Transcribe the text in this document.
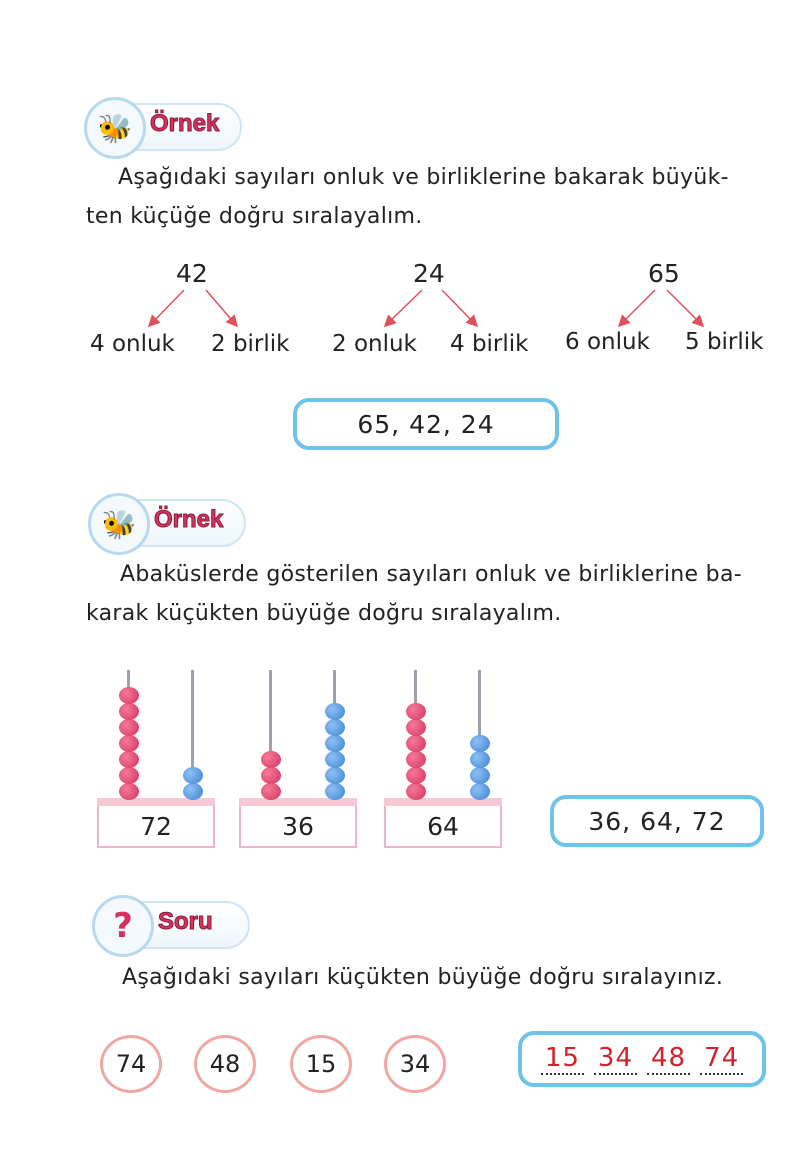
🐝 Örnek
Aşağıdaki sayıları onluk ve birliklerine bakarak büyük-
ten küçüğe doğru sıralayalım.
42	24	65
4 onluk 2 birlik 2 onluk 4 birlik 6 onluk 5 birlik
65, 42, 24
🐝 Örnek
Abaküslerde gösterilen sayıları onluk ve birliklerine ba-
karak küçükten büyüğe doğru sıralayalım.
72	36	64	36, 64, 72
?	Soru
Aşağıdaki sayıları küçükten büyüğe doğru sıralayınız.
74	48	15	34	15 34 48 74
